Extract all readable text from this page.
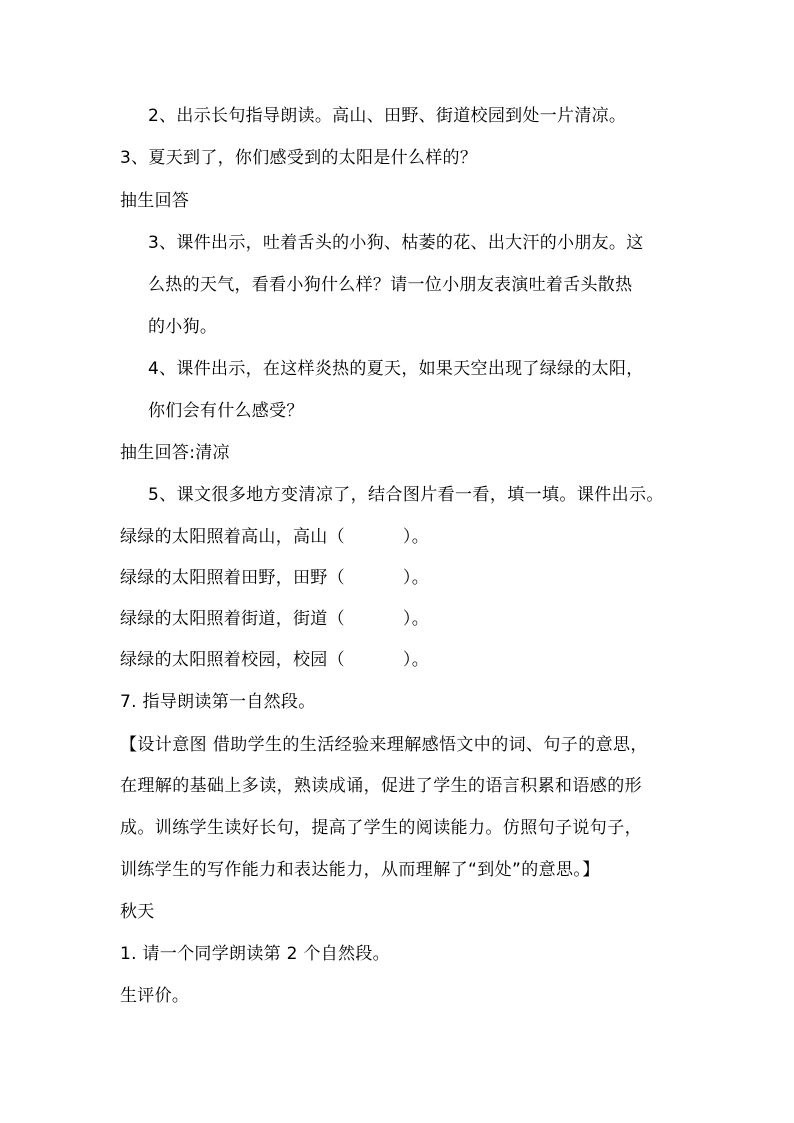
2、出示长句指导朗读。高山、田野、街道校园到处一片清凉。
3、夏天到了，你们感受到的太阳是什么样的？
抽生回答
3、课件出示，吐着舌头的小狗、枯萎的花、出大汗的小朋友。这
么热的天气，看看小狗什么样？请一位小朋友表演吐着舌头散热
的小狗。
4、课件出示，在这样炎热的夏天，如果天空出现了绿绿的太阳，
你们会有什么感受？
抽生回答:清凉
5、课文很多地方变清凉了，结合图片看一看，填一填。课件出示。
绿绿的太阳照着高山，高山（	）。
绿绿的太阳照着田野，田野（	）。
绿绿的太阳照着街道，街道（	）。
绿绿的太阳照着校园，校园（	）。
7. 指导朗读第一自然段。
【设计意图 借助学生的生活经验来理解感悟文中的词、句子的意思，
在理解的基础上多读，熟读成诵，促进了学生的语言积累和语感的形
成。训练学生读好长句，提高了学生的阅读能力。仿照句子说句子，
训练学生的写作能力和表达能力，从而理解了“到处”的意思。】
秋天
1. 请一个同学朗读第 2 个自然段。
生评价。
